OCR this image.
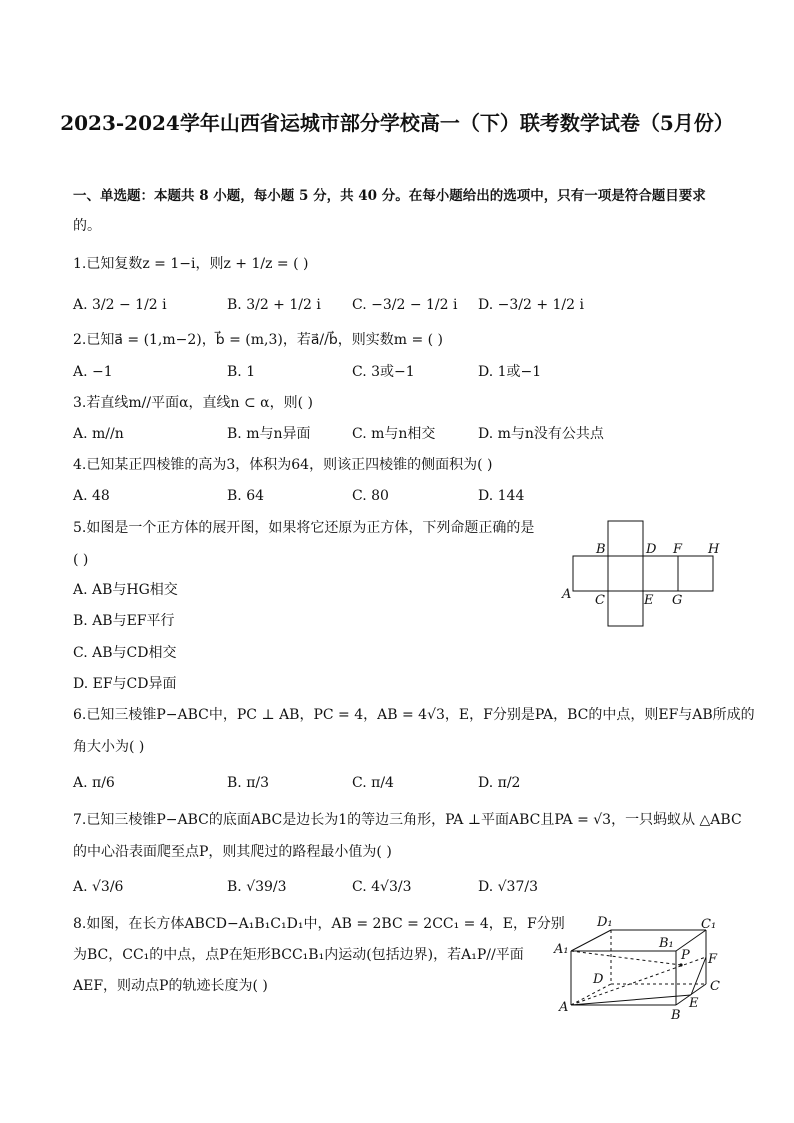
2023-2024学年山西省运城市部分学校高一（下）联考数学试卷（5月份）
一、单选题：本题共 8 小题，每小题 5 分，共 40 分。在每小题给出的选项中，只有一项是符合题目要求
的。
1.已知复数z = 1−i，则z + 1/z = ( )
A. 3/2 − 1/2 i	B. 3/2 + 1/2 i C. −3/2 − 1/2 i D. −3/2 + 1/2 i
2.已知a⃗ = (1,m−2)，b⃗ = (m,3)，若a⃗//b⃗，则实数m = ( )
A. −1	B. 1	C. 3或−1	D. 1或−1
3.若直线m//平面α，直线n ⊂ α，则( )
A. m//n	B. m与n异面	C. m与n相交	D. m与n没有公共点
4.已知某正四棱锥的高为3，体积为64，则该正四棱锥的侧面积为( )
A. 48	B. 64	C. 80	D. 144
5.如图是一个正方体的展开图，如果将它还原为正方体，下列命题正确的是
( )
A. AB与HG相交
B. AB与EF平行
C. AB与CD相交
D. EF与CD异面
B	D F H
A C	E G
6.已知三棱锥P−ABC中，PC ⊥ AB，PC = 4，AB = 4√3，E，F分别是PA，BC的中点，则EF与AB所成的
角大小为( )
A. π/6	B. π/3	C. π/4	D. π/2
7.已知三棱锥P−ABC的底面ABC是边长为1的等边三角形，PA ⊥平面ABC且PA = √3，一只蚂蚁从 △ABC
的中心沿表面爬至点P，则其爬过的路程最小值为( )
A. √3/6	B. √39/3	C. 4√3/3	D. √37/3
8.如图，在长方体ABCD−A₁B₁C₁D₁中，AB = 2BC = 2CC₁ = 4，E，F分别
为BC，CC₁的中点，点P在矩形BCC₁B₁内运动(包括边界)，若A₁P//平面
AEF，则动点P的轨迹长度为( )
D₁	C₁
A₁	B₁
P F
D	C
A	E
B
